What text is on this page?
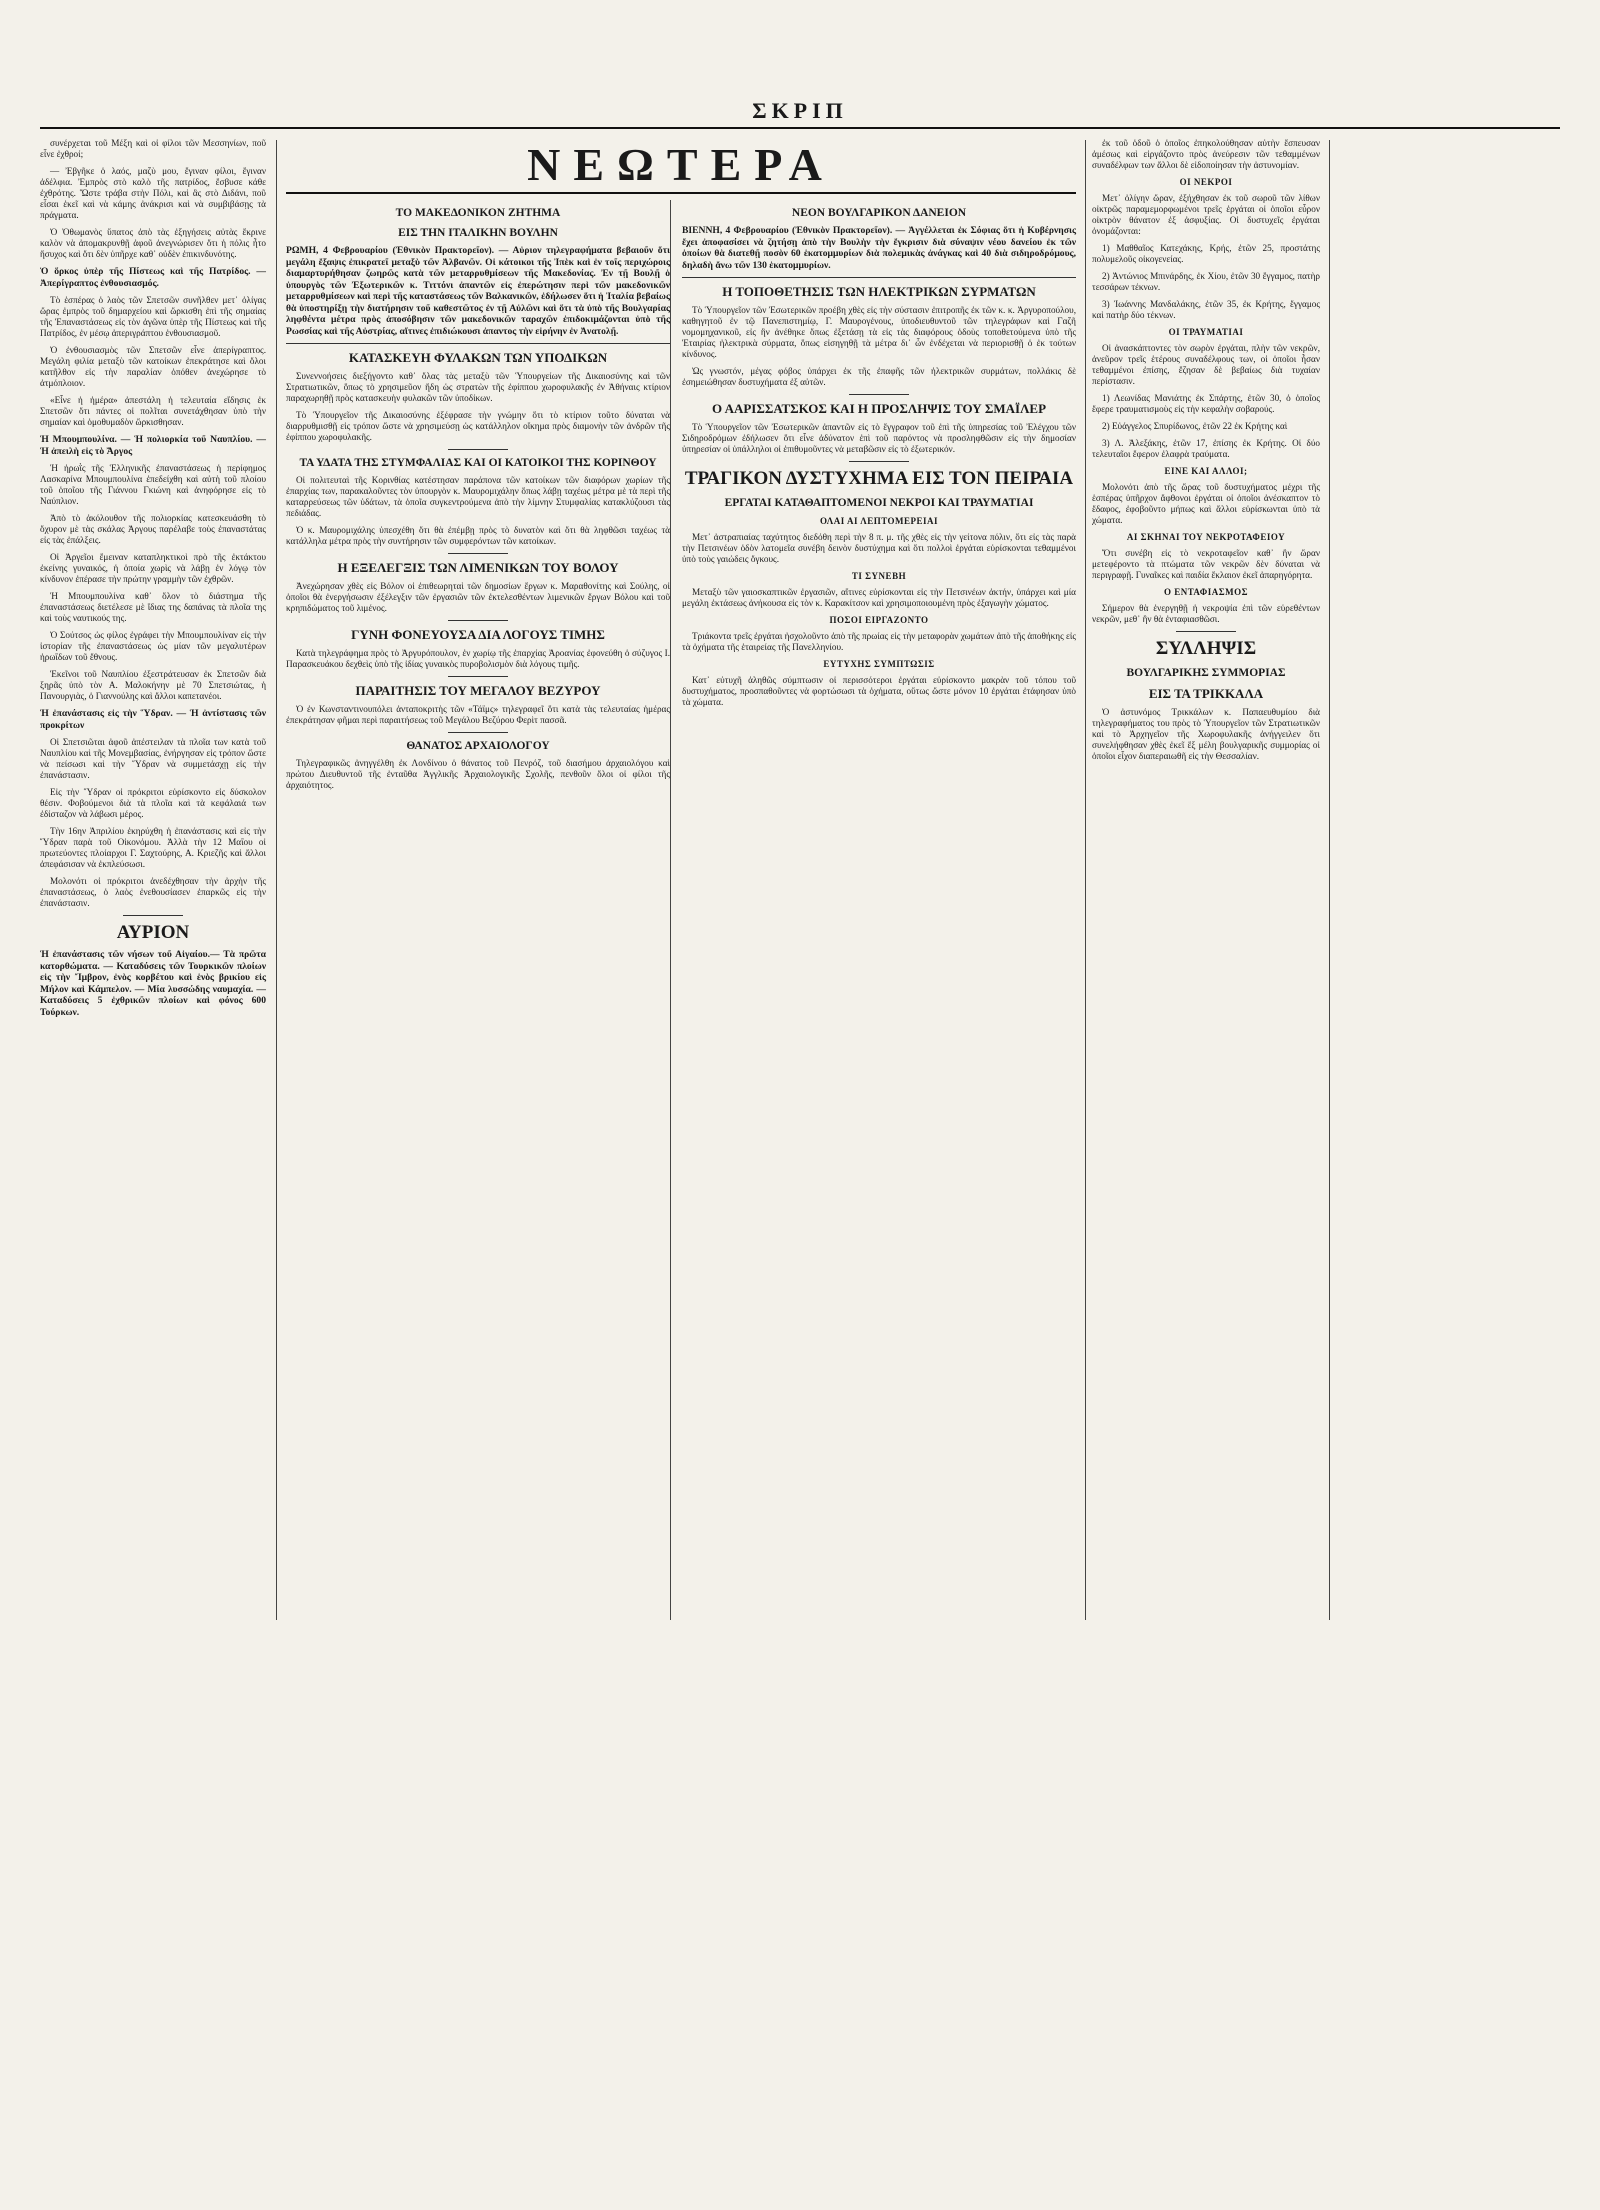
ΣΚΡΙΠ

συνέρχεται τοῦ Μέξη καὶ οἱ φίλοι τῶν Μεσσηνίων, ποῦ εἶνε ἐχθροί;

— Ἐβγῆκε ὁ λαός, μαζὺ μου, ἔγιναν φίλοι, ἔγιναν ἀδέλφια. Ἐμπρὸς στὸ καλὸ τῆς πατρίδος, ἔσβυσε κάθε ἐχθρότης. Ὥστε τράβα στὴν Πόλι, καὶ ἂς στὸ Διδάνι, ποῦ εἶσαι ἐκεῖ καὶ νὰ κάμης ἀνάκρισι καὶ νὰ συμβιβάσῃς τὰ πράγματα.

Ὁ Ὀθωμανὸς ὕπατος ἀπὸ τὰς ἐξηγήσεις αὐτὰς ἔκρινε καλὸν νὰ ἀπομακρυνθῇ ἀφοῦ ἀνεγνώρισεν ὅτι ἡ πόλις ἦτο ἥσυχος καὶ ὅτι δὲν ὑπῆρχε καθ᾽ οὐδὲν ἐπικινδυνότης.

Ὁ ὅρκος ὑπὲρ τῆς Πίστεως καὶ τῆς Πατρίδος. — Ἀπερίγραπτος ἐνθουσιασμός.

Τὸ ἑσπέρας ὁ λαὸς τῶν Σπετσῶν συνῆλθεν μετ᾽ ὀλίγας ὥρας ἐμπρὸς τοῦ δημαρχείου καὶ ὥρκισθη ἐπὶ τῆς σημαίας τῆς Ἐπαναστάσεως εἰς τὸν ἀγῶνα ὑπὲρ τῆς Πίστεως καὶ τῆς Πατρίδος, ἐν μέσῳ ἀπεριγράπτου ἐνθουσιασμοῦ.

Ὁ ἐνθουσιασμὸς τῶν Σπετσῶν εἶνε ἀπερίγραπτος. Μεγάλη φιλία μεταξὺ τῶν κατοίκων ἐπεκράτησε καὶ ὅλοι κατῆλθον εἰς τὴν παραλίαν ὁπόθεν ἀνεχώρησε τὸ ἀτμόπλοιον.

«Εἶνε ἡ ἡμέρα» ἀπεστάλη ἡ τελευταία εἴδησις ἐκ Σπετσῶν ὅτι πάντες οἱ πολῖται συνετάχθησαν ὑπὸ τὴν σημαίαν καὶ ὁμοθυμαδὸν ὥρκισθησαν.

Ἡ Μπουμπουλίνα. — Ἡ πολιορκία τοῦ Ναυπλίου. — Ἡ ἀπειλὴ εἰς τὸ Ἄργος

Ἡ ἡρωῒς τῆς Ἑλληνικῆς ἐπαναστάσεως ἡ περίφημος Λασκαρίνα Μπουμπουλίνα ἐπεδείχθη καὶ αὐτὴ τοῦ πλοίου τοῦ ὁποῖου τῆς Γιάννου Γκιώνη καὶ ἀνηφόρησε εἰς τὸ Ναύπλιον.

Ἀπὸ τὸ ἀκόλουθον τῆς πολιορκίας κατεσκευάσθη τὸ ὄχυρον μὲ τὰς σκάλας Ἀργους παρέλαβε τοὺς ἐπαναστάτας εἰς τὰς ἐπάλξεις.

Οἱ Ἀργεῖοι ἔμειναν καταπληκτικοὶ πρὸ τῆς ἐκτάκτου ἐκείνης γυναικός, ἡ ὁποία χωρὶς νὰ λάβῃ ἐν λόγῳ τὸν κίνδυνον ἐπέρασε τὴν πρώτην γραμμὴν τῶν ἐχθρῶν.

Ἡ Μπουμπουλίνα καθ᾽ ὅλον τὸ διάστημα τῆς ἐπαναστάσεως διετέλεσε μὲ ἴδιας της δαπάνας τὰ πλοῖα της καὶ τοὺς ναυτικούς της.

Ὁ Σούτσος ὡς φίλος ἐγράφει τὴν Μπουμπουλίναν εἰς τὴν ἱστορίαν τῆς ἐπαναστάσεως ὡς μίαν τῶν μεγαλυτέρων ἡρωΐδων τοῦ ἔθνους.

Ἐκεῖνοι τοῦ Ναυπλίου ἐξεστράτευσαν ἐκ Σπετσῶν διὰ ξηρᾶς ὑπὸ τὸν Α. Μαλοκήνην μὲ 70 Σπετσιώτας, ἡ Πανουργιὰς, ὁ Γιαννούλης καὶ ἄλλοι καπετανέοι.

Ἡ ἐπανάστασις εἰς τὴν Ὕδραν. — Ἡ ἀντίστασις τῶν προκρίτων

Οἱ Σπετσιῶται ἀφοῦ ἀπέστειλαν τὰ πλοῖα των κατὰ τοῦ Ναυπλίου καὶ τῆς Μονεμβασίας, ἐνήργησαν εἰς τρόπον ὥστε νὰ πείσωσι καὶ τὴν Ὕδραν νὰ συμμετάσχῃ εἰς τὴν ἐπανάστασιν.

Εἰς τὴν Ὕδραν οἱ πρόκριτοι εὑρίσκοντο εἰς δύσκολον θέσιν. Φοβούμενοι διὰ τὰ πλοῖα καὶ τὰ κεφάλαιά των ἐδίσταζον νὰ λάβωσι μέρος.

Τὴν 16ην Ἀπριλίου ἐκηρύχθη ἡ ἐπανάστασις καὶ εἰς τὴν Ὕδραν παρὰ τοῦ Οἰκονόμου. Ἀλλὰ τὴν 12 Μαΐου οἱ πρωτεύοντες πλοίαρχοι Γ. Σαχτούρης, Α. Κριεζῆς καὶ ἄλλοι ἀπεφάσισαν νὰ ἐκπλεύσωσι.

Μολονότι οἱ πρόκριτοι ἀνεδέχθησαν τὴν ἀρχὴν τῆς ἐπαναστάσεως, ὁ λαὸς ἐνεθουσίασεν ἐπαρκῶς εἰς τὴν ἐπανάστασιν.

ΑΥΡΙΟΝ

Ἡ ἐπανάστασις τῶν νήσων τοῦ Αἰγαίου.— Τὰ πρῶτα κατορθώματα. — Καταδύσεις τῶν Τουρκικῶν πλοίων εἰς τὴν Ἴμβρον, ἐνὸς κορβέτου καὶ ἑνὸς βρικίου εἰς Μήλον καὶ Κάμπελον. — Μία λυσσώδης ναυμαχία. — Καταδύσεις 5 ἐχθρικῶν πλοίων καὶ φόνος 600 Τούρκων.

ΝΕΩΤΕΡΑ
ΤΟ ΜΑΚΕΔΟΝΙΚΟΝ ΖΗΤΗΜΑ
ΕΙΣ ΤΗΝ ΙΤΑΛΙΚΗΝ ΒΟΥΛΗΝ

ΡΩΜΗ, 4 Φεβρουαρίου (Ἐθνικὸν Πρακτορεῖον). — Αὐριον τηλεγραφήματα βεβαιοῦν ὅτι μεγάλη ἔξαψις ἐπικρατεῖ μεταξὺ τῶν Ἀλβανῶν. Οἱ κάτοικοι τῆς Ἰπὲκ καὶ ἐν τοῖς περιχώροις διαμαρτυρήθησαν ζωηρῶς κατὰ τῶν μεταρρυθμίσεων τῆς Μακεδονίας. Ἐν τῇ Βουλῇ ὁ ὑπουργὸς τῶν Ἐξωτερικῶν κ. Τιττόνι ἀπαντῶν εἰς ἐπερώτησιν περὶ τῶν μακεδονικῶν μεταρρυθμίσεων καὶ περὶ τῆς καταστάσεως τῶν Βαλκανικῶν, ἐδήλωσεν ὅτι ἡ Ἰταλία βεβαίως θὰ ὑποστηρίξῃ τὴν διατήρησιν τοῦ καθεστῶτος ἐν τῇ Αὐλῶνι καὶ ὅτι τὰ ὑπὸ τῆς Βουλγαρίας ληφθέντα μέτρα πρὸς ἀποσόβησιν τῶν μακεδονικῶν ταραχῶν ἐπιδοκιμάζονται ὑπὸ τῆς Ρωσσίας καὶ τῆς Αὐστρίας, αἵτινες ἐπιδιώκουσι ἀπαντος τὴν εἰρήνην ἐν Ἀνατολῇ.

ΚΑΤΑΣΚΕΥΗ ΦΥΛΑΚΩΝ ΤΩΝ ΥΠΟΔΙΚΩΝ

Συνεννοήσεις διεξήγοντο καθ᾽ ὅλας τὰς μεταξὺ τῶν Ὑπουργείων τῆς Δικαιοσύνης καὶ τῶν Στρατιωτικῶν, ὅπως τὸ χρησιμεῦον ἤδη ὡς στρατὼν τῆς ἐφίππου χωροφυλακῆς ἐν Ἀθήναις κτίριον παραχωρηθῇ πρὸς κατασκευὴν φυλακῶν τῶν ὑποδίκων.

Τὸ Ὑπουργεῖον τῆς Δικαιοσύνης ἐξέφρασε τὴν γνώμην ὅτι τὸ κτίριον τοῦτο δύναται νὰ διαρρυθμισθῇ εἰς τρόπον ὥστε νὰ χρησιμεύσῃ ὡς κατάλληλον οἴκημα πρὸς διαμονὴν τῶν ἀνδρῶν τῆς ἐφίππου χωροφυλακῆς.

ΤΑ ΥΔΑΤΑ ΤΗΣ ΣΤΥΜΦΑΛΙΑΣ ΚΑΙ ΟΙ ΚΑΤΟΙΚΟΙ ΤΗΣ ΚΟΡΙΝΘΟΥ

Οἱ πολιτευταὶ τῆς Κορινθίας κατέστησαν παράπονα τῶν κατοίκων τῶν διαφόρων χωρίων τῆς ἐπαρχίας των, παρακαλοῦντες τὸν ὑπουργὸν κ. Μαυρομιχάλην ὅπως λάβῃ ταχέως μέτρα μὲ τὰ περὶ τῆς καταρρεύσεως τῶν ὑδάτων, τὰ ὁποῖα συγκεντρούμενα ἀπὸ τὴν λίμνην Στυμφαλίας κατακλύζουσι τὰς πεδιάδας.

Ὁ κ. Μαυρομιχάλης ὑπεσχέθη ὅτι θὰ ἐπέμβῃ πρὸς τὸ δυνατὸν καὶ ὅτι θὰ ληφθῶσι ταχέως τὰ κατάλληλα μέτρα πρὸς τὴν συντήρησιν τῶν συμφερόντων τῶν κατοίκων.

Η ΕΞΕΛΕΓΞΙΣ ΤΩΝ ΛΙΜΕΝΙΚΩΝ ΤΟΥ ΒΟΛΟΥ

Ἀνεχώρησαν χθὲς εἰς Βόλον οἱ ἐπιθεωρηταὶ τῶν δημοσίων ἔργων κ. Μαραθονίτης καὶ Σούλης, οἱ ὁποῖοι θὰ ἐνεργήσωσιν ἐξέλεγξιν τῶν ἐργασιῶν τῶν ἐκτελεσθέντων λιμενικῶν ἔργων Βόλου καὶ τοῦ κρηπιδώματος τοῦ λιμένος.

ΓΥΝΗ ΦΟΝΕΥΟΥΣΑ ΔΙΑ ΛΟΓΟΥΣ ΤΙΜΗΣ

Κατὰ τηλεγράφημα πρὸς τὸ Ἀργυρόπουλον, ἐν χωρίῳ τῆς ἐπαρχίας Ἀροανίας ἐφονεύθη ὁ σύζυγος Ι. Παρασκευάκου δεχθεὶς ὑπὸ τῆς ἰδίας γυναικὸς πυροβολισμὸν διὰ λόγους τιμῆς.

ΠΑΡΑΙΤΗΣΙΣ ΤΟΥ ΜΕΓΑΛΟΥ ΒΕΖΥΡΟΥ

Ὁ ἐν Κωνσταντινουπόλει ἀνταποκριτὴς τῶν «Τάϊμς» τηλεγραφεῖ ὅτι κατὰ τὰς τελευταίας ἡμέρας ἐπεκράτησαν φῆμαι περὶ παραιτήσεως τοῦ Μεγάλου Βεζύρου Φερὶτ πασσᾶ.

ΘΑΝΑΤΟΣ ΑΡΧΑΙΟΛΟΓΟΥ

Τηλεγραφικῶς ἀνηγγέλθη ἐκ Λονδίνου ὁ θάνατος τοῦ Πενρόζ, τοῦ διασήμου ἀρχαιολόγου καὶ πρώτου Διευθυντοῦ τῆς ἐνταῦθα Ἀγγλικῆς Ἀρχαιολογικῆς Σχολῆς, πενθοῦν ὅλοι οἱ φίλοι τῆς ἀρχαιότητος.

ΝΕΟΝ ΒΟΥΛΓΑΡΙΚΟΝ ΔΑΝΕΙΟΝ

ΒΙΕΝΝΗ, 4 Φεβρουαρίου (Ἐθνικὸν Πρακτορεῖον). — Ἀγγέλλεται ἐκ Σόφιας ὅτι ἡ Κυβέρνησις ἔχει ἀποφασίσει νὰ ζητήσῃ ἀπὸ τὴν Βουλὴν τὴν ἔγκρισιν διὰ σύναψιν νέου δανείου ἐκ τῶν ὁποίων θὰ διατεθῇ ποσὸν 60 ἑκατομμυρίων διὰ πολεμικὰς ἀνάγκας καὶ 40 διὰ σιδηροδρόμους, δηλαδὴ ἄνω τῶν 130 ἑκατομμυρίων.

Η ΤΟΠΟΘΕΤΗΣΙΣ ΤΩΝ ΗΛΕΚΤΡΙΚΩΝ ΣΥΡΜΑΤΩΝ

Τὸ Ὑπουργεῖον τῶν Ἐσωτερικῶν προέβη χθὲς εἰς τὴν σύστασιν ἐπιτροπῆς ἐκ τῶν κ. κ. Ἀργυροπούλου, καθηγητοῦ ἐν τῷ Πανεπιστημίῳ, Γ. Μαυρογένους, ὑποδιευθυντοῦ τῶν τηλεγράφων καὶ Γαζῆ νομομηχανικοῦ, εἰς ἣν ἀνέθηκε ὅπως ἐξετάσῃ τὰ εἰς τὰς διαφόρους ὁδοὺς τοποθετούμενα ὑπὸ τῆς Ἑταιρίας ἠλεκτρικὰ σύρματα, ὅπως εἰσηγηθῇ τὰ μέτρα δι᾽ ὧν ἐνδέχεται νὰ περιορισθῇ ὁ ἐκ τούτων κίνδυνος.

Ὡς γνωστόν, μέγας φόβος ὑπάρχει ἐκ τῆς ἐπαφῆς τῶν ἠλεκτρικῶν συρμάτων, πολλάκις δὲ ἐσημειώθησαν δυστυχήματα ἐξ αὐτῶν.

Ο ΑΑΡΙΣΣΑΤΣΚΟΣ ΚΑΙ Η ΠΡΟΣΛΗΨΙΣ ΤΟΥ ΣΜΑΪΛΕΡ

Τὸ Ὑπουργεῖον τῶν Ἐσωτερικῶν ἀπαντῶν εἰς τὸ ἔγγραφον τοῦ ἐπὶ τῆς ὑπηρεσίας τοῦ Ἐλέγχου τῶν Σιδηροδρόμων ἐδήλωσεν ὅτι εἶνε ἀδύνατον ἐπὶ τοῦ παρόντος νὰ προσληφθῶσιν εἰς τὴν δημοσίαν ὑπηρεσίαν οἱ ὑπάλληλοι οἱ ἐπιθυμοῦντες νὰ μεταβῶσιν εἰς τὸ ἐξωτερικόν.

ΤΡΑΓΙΚΟΝ ΔΥΣΤΥΧΗΜΑ ΕΙΣ ΤΟΝ ΠΕΙΡΑΙΑ
ΕΡΓΑΤΑΙ ΚΑΤΑΘΑΠΤΟΜΕΝΟΙ ΝΕΚΡΟΙ ΚΑΙ ΤΡΑΥΜΑΤΙΑΙ
ΟΛΑΙ ΑΙ ΛΕΠΤΟΜΕΡΕΙΑΙ

Μετ᾽ ἀστραπιαίας ταχύτητος διεδόθη περὶ τὴν 8 π. μ. τῆς χθὲς εἰς τὴν γείτονα πόλιν, ὅτι εἰς τὰς παρὰ τὴν Πετσινέων ὁδὸν λατομεῖα συνέβη δεινὸν δυστύχημα καὶ ὅτι πολλοὶ ἐργάται εὑρίσκονται τεθαμμένοι ὑπὸ τοὺς γαιώδεις ὄγκους.

ΤΙ ΣΥΝΕΒΗ

Μεταξὺ τῶν γαιοσκαπτικῶν ἐργασιῶν, αἵτινες εὑρίσκονται εἰς τὴν Πετσινέων ἀκτήν, ὑπάρχει καὶ μία μεγάλη ἐκτάσεως ἀνήκουσα εἰς τὸν κ. Καρακίτσον καὶ χρησιμοποιουμένη πρὸς ἐξαγωγὴν χώματος.

ΠΟΣΟΙ ΕΙΡΓΑΖΟΝΤΟ

Τριάκοντα τρεῖς ἐργάται ἠσχολοῦντο ἀπὸ τῆς πρωίας εἰς τὴν μεταφορὰν χωμάτων ἀπὸ τῆς ἀποθήκης εἰς τὰ ὀχήματα τῆς ἑταιρείας τῆς Πανελληνίου.

ΕΥΤΥΧΗΣ ΣΥΜΠΤΩΣΙΣ

Κατ᾽ εὐτυχῆ ἀληθῶς σύμπτωσιν οἱ περισσότεροι ἐργάται εὑρίσκοντο μακρὰν τοῦ τόπου τοῦ δυστυχήματος, προσπαθοῦντες νὰ φορτώσωσι τὰ ὀχήματα, οὕτως ὥστε μόνον 10 ἐργάται ἐτάφησαν ὑπὸ τὰ χώματα.

ἐκ τοῦ ὁδοῦ ὁ ὁποῖος ἐπηκολούθησαν αὐτὴν ἔσπευσαν ἀμέσως καὶ εἰργάζοντο πρὸς ἀνεύρεσιν τῶν τεθαμμένων συναδέλφων των ἄλλοι δὲ εἰδοποίησαν τὴν ἀστυνομίαν.

ΟΙ ΝΕΚΡΟΙ

Μετ᾽ ὀλίγην ὥραν, ἐξήχθησαν ἐκ τοῦ σωροῦ τῶν λίθων οἰκτρῶς παραμεμορφωμένοι τρεῖς ἐργάται οἱ ὁποῖοι εὗρον οἰκτρὸν θάνατον ἐξ ἀσφυξίας. Οἱ δυστυχεῖς ἐργάται ὀνομάζονται:

1) Μαθθαῖος Κατεχάκης, Κρής, ἐτῶν 25, προστάτης πολυμελοῦς οἰκογενείας.

2) Ἀντώνιος Μπινάρδης, ἐκ Χίου, ἐτῶν 30 ἔγγαμος, πατὴρ τεσσάρων τέκνων.

3) Ἰωάννης Μανδαλάκης, ἐτῶν 35, ἐκ Κρήτης, ἔγγαμος καὶ πατὴρ δύο τέκνων.

ΟΙ ΤΡΑΥΜΑΤΙΑΙ

Οἱ ἀνασκάπτοντες τὸν σωρὸν ἐργάται, πλὴν τῶν νεκρῶν, ἀνεῦρον τρεῖς ἑτέρους συναδέλφους των, οἱ ὁποῖοι ἦσαν τεθαμμένοι ἐπίσης, ἔζησαν δὲ βεβαίως διὰ τυχαίαν περίστασιν.

1) Λεωνίδας Μανιάτης ἐκ Σπάρτης, ἐτῶν 30, ὁ ὁποῖος ἔφερε τραυματισμοὺς εἰς τὴν κεφαλὴν σοβαρούς.

2) Εὐάγγελος Σπυρίδωνος, ἐτῶν 22 ἐκ Κρήτης καὶ

3) Λ. Ἀλεξάκης, ἐτῶν 17, ἐπίσης ἐκ Κρήτης. Οἱ δύο τελευταῖοι ἔφερον ἐλαφρὰ τραύματα.

ΕΙΝΕ ΚΑΙ ΑΛΛΟΙ;

Μολονότι ἀπὸ τῆς ὥρας τοῦ δυστυχήματος μέχρι τῆς ἑσπέρας ὑπῆρχον ἄφθονοι ἐργάται οἱ ὁποῖοι ἀνέσκαπτον τὸ ἔδαφος, ἐφοβοῦντο μήπως καὶ ἄλλοι εὑρίσκωνται ὑπὸ τὰ χώματα.

ΑΙ ΣΚΗΝΑΙ ΤΟΥ ΝΕΚΡΟΤΑΦΕΙΟΥ

Ὅτι συνέβη εἰς τὸ νεκροταφεῖον καθ᾽ ἣν ὥραν μετεφέροντο τὰ πτώματα τῶν νεκρῶν δὲν δύναται νὰ περιγραφῇ. Γυναῖκες καὶ παιδία ἔκλαιον ἐκεῖ ἀπαρηγόρητα.

Ο ΕΝΤΑΦΙΑΣΜΟΣ

Σήμερον θὰ ἐνεργηθῇ ἡ νεκροψία ἐπὶ τῶν εὑρεθέντων νεκρῶν, μεθ᾽ ἣν θὰ ἐνταφιασθῶσι.

ΣΥΛΛΗΨΙΣ
ΒΟΥΛΓΑΡΙΚΗΣ ΣΥΜΜΟΡΙΑΣ
ΕΙΣ ΤΑ ΤΡΙΚΚΑΛΑ

Ὁ ἀστυνόμος Τρικκάλων κ. Παπαευθυμίου διὰ τηλεγραφήματος του πρὸς τὸ Ὑπουργεῖον τῶν Στρατιωτικῶν καὶ τὸ Ἀρχηγεῖον τῆς Χωροφυλακῆς ἀνήγγειλεν ὅτι συνελήφθησαν χθὲς ἐκεῖ ἕξ μέλη βουλγαρικῆς συμμορίας οἱ ὁποῖοι εἶχον διαπεραιωθῆ εἰς τὴν Θεσσαλίαν.
